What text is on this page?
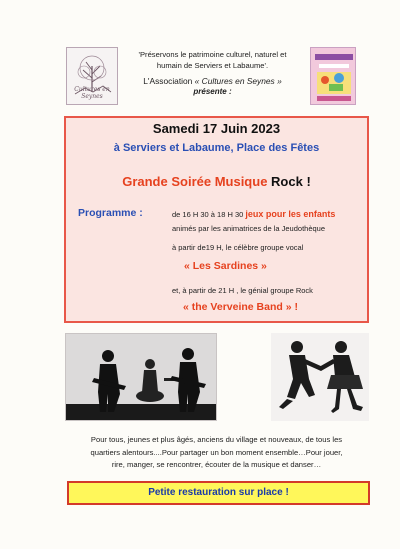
Cultures en Seynes
'Préservons le patrimoine culturel, naturel et
humain de Serviers et Labaume'.
L'Association « Cultures en Seynes »
présente :
Samedi 17 Juin 2023
à Serviers et Labaume, Place des Fêtes
Grande Soirée Musique Rock !
Programme :	de 16 H 30 à 18 H 30 jeux pour les enfants
animés par les animatrices de la Jeudothèque
à partir de19 H, le célèbre groupe vocal
« Les Sardines »
et, à partir de 21 H , le génial groupe Rock
« the Verveine Band » !
Pour tous, jeunes et plus âgés, anciens du village et nouveaux, de tous les
quartiers alentours....Pour partager un bon moment ensemble…Pour jouer,
rire, manger, se rencontrer, écouter de la musique et danser…
Petite restauration sur place !
